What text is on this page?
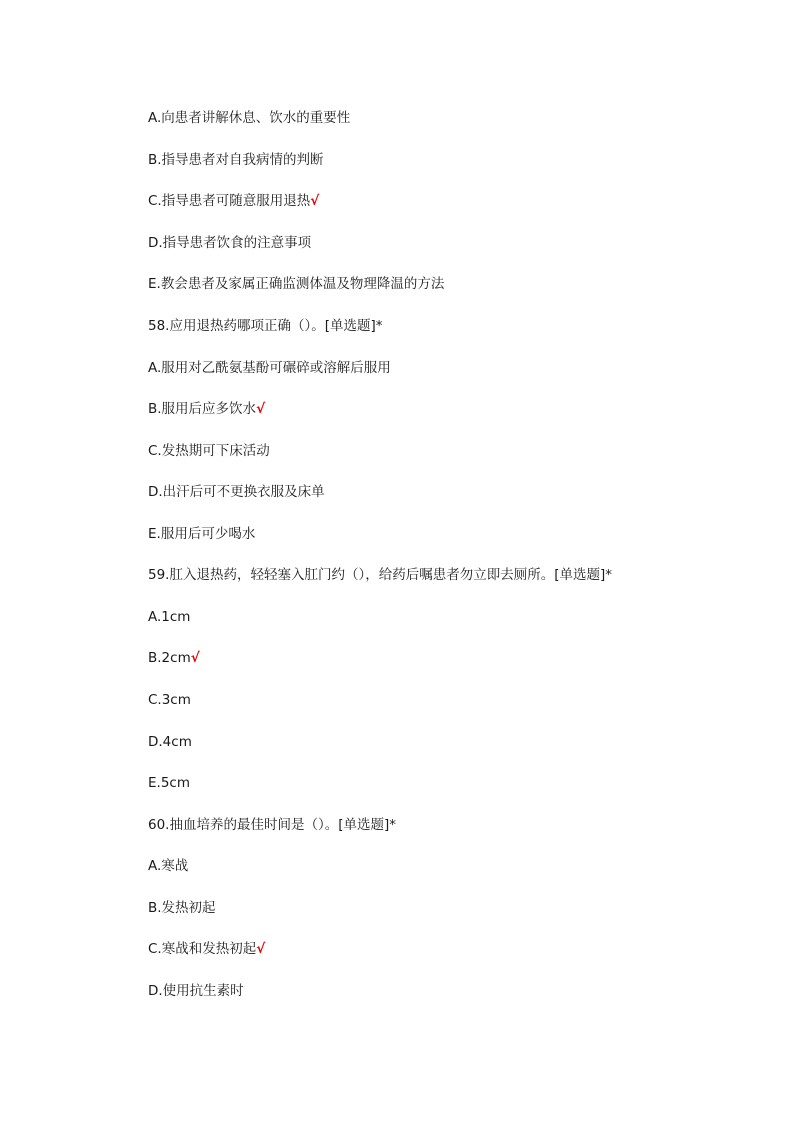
A.向患者讲解休息、饮水的重要性
B.指导患者对自我病情的判断
C.指导患者可随意服用退热√
D.指导患者饮食的注意事项
E.教会患者及家属正确监测体温及物理降温的方法
58.应用退热药哪项正确（）。[单选题]*
A.服用对乙酰氨基酚可碾碎或溶解后服用
B.服用后应多饮水√
C.发热期可下床活动
D.出汗后可不更换衣服及床单
E.服用后可少喝水
59.肛入退热药，轻轻塞入肛门约（），给药后嘱患者勿立即去厕所。[单选题]*
A.1cm
B.2cm√
C.3cm
D.4cm
E.5cm
60.抽血培养的最佳时间是（）。[单选题]*
A.寒战
B.发热初起
C.寒战和发热初起√
D.使用抗生素时
